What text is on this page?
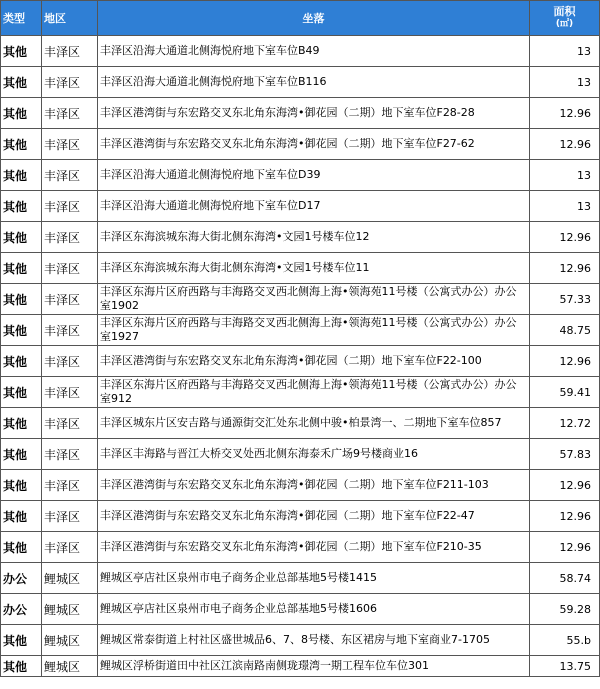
类型	地区	坐落	面积
(㎡)

其他	丰泽区	丰泽区沿海大通道北侧海悦府地下室车位B49	13
其他	丰泽区	丰泽区沿海大通道北侧海悦府地下室车位B116	13
其他	丰泽区	丰泽区港湾街与东宏路交叉东北角东海湾•御花园（二期）地下室车位F28-28	12.96
其他	丰泽区	丰泽区港湾街与东宏路交叉东北角东海湾•御花园（二期）地下室车位F27-62	12.96
其他	丰泽区	丰泽区沿海大通道北侧海悦府地下室车位D39	13
其他	丰泽区	丰泽区沿海大通道北侧海悦府地下室车位D17	13
其他	丰泽区	丰泽区东海滨城东海大街北侧东海湾•文园1号楼车位12	12.96
其他	丰泽区	丰泽区东海滨城东海大街北侧东海湾•文园1号楼车位11	12.96
其他	丰泽区	丰泽区东海片区府西路与丰海路交叉西北侧海上海•领海苑11号楼（公寓式办公）办公室1902	57.33
其他	丰泽区	丰泽区东海片区府西路与丰海路交叉西北侧海上海•领海苑11号楼（公寓式办公）办公室1927	48.75
其他	丰泽区	丰泽区港湾街与东宏路交叉东北角东海湾•御花园（二期）地下室车位F22-100	12.96
其他	丰泽区	丰泽区东海片区府西路与丰海路交叉西北侧海上海•领海苑11号楼（公寓式办公）办公室912	59.41
其他	丰泽区	丰泽区城东片区安吉路与通源街交汇处东北侧中骏•柏景湾一、二期地下室车位857	12.72
其他	丰泽区	丰泽区丰海路与晋江大桥交叉处西北侧东海泰禾广场9号楼商业16	57.83
其他	丰泽区	丰泽区港湾街与东宏路交叉东北角东海湾•御花园（二期）地下室车位F211-103	12.96
其他	丰泽区	丰泽区港湾街与东宏路交叉东北角东海湾•御花园（二期）地下室车位F22-47	12.96
其他	丰泽区	丰泽区港湾街与东宏路交叉东北角东海湾•御花园（二期）地下室车位F210-35	12.96
办公	鲤城区	鲤城区亭店社区泉州市电子商务企业总部基地5号楼1415	58.74
办公	鲤城区	鲤城区亭店社区泉州市电子商务企业总部基地5号楼1606	59.28
其他	鲤城区	鲤城区常泰街道上村社区盛世城品6、7、8号楼、东区裙房与地下室商业7-1705	55.b
其他	鲤城区	鲤城区浮桥街道田中社区江滨南路南侧珑璟湾一期工程车位车位301	13.75
